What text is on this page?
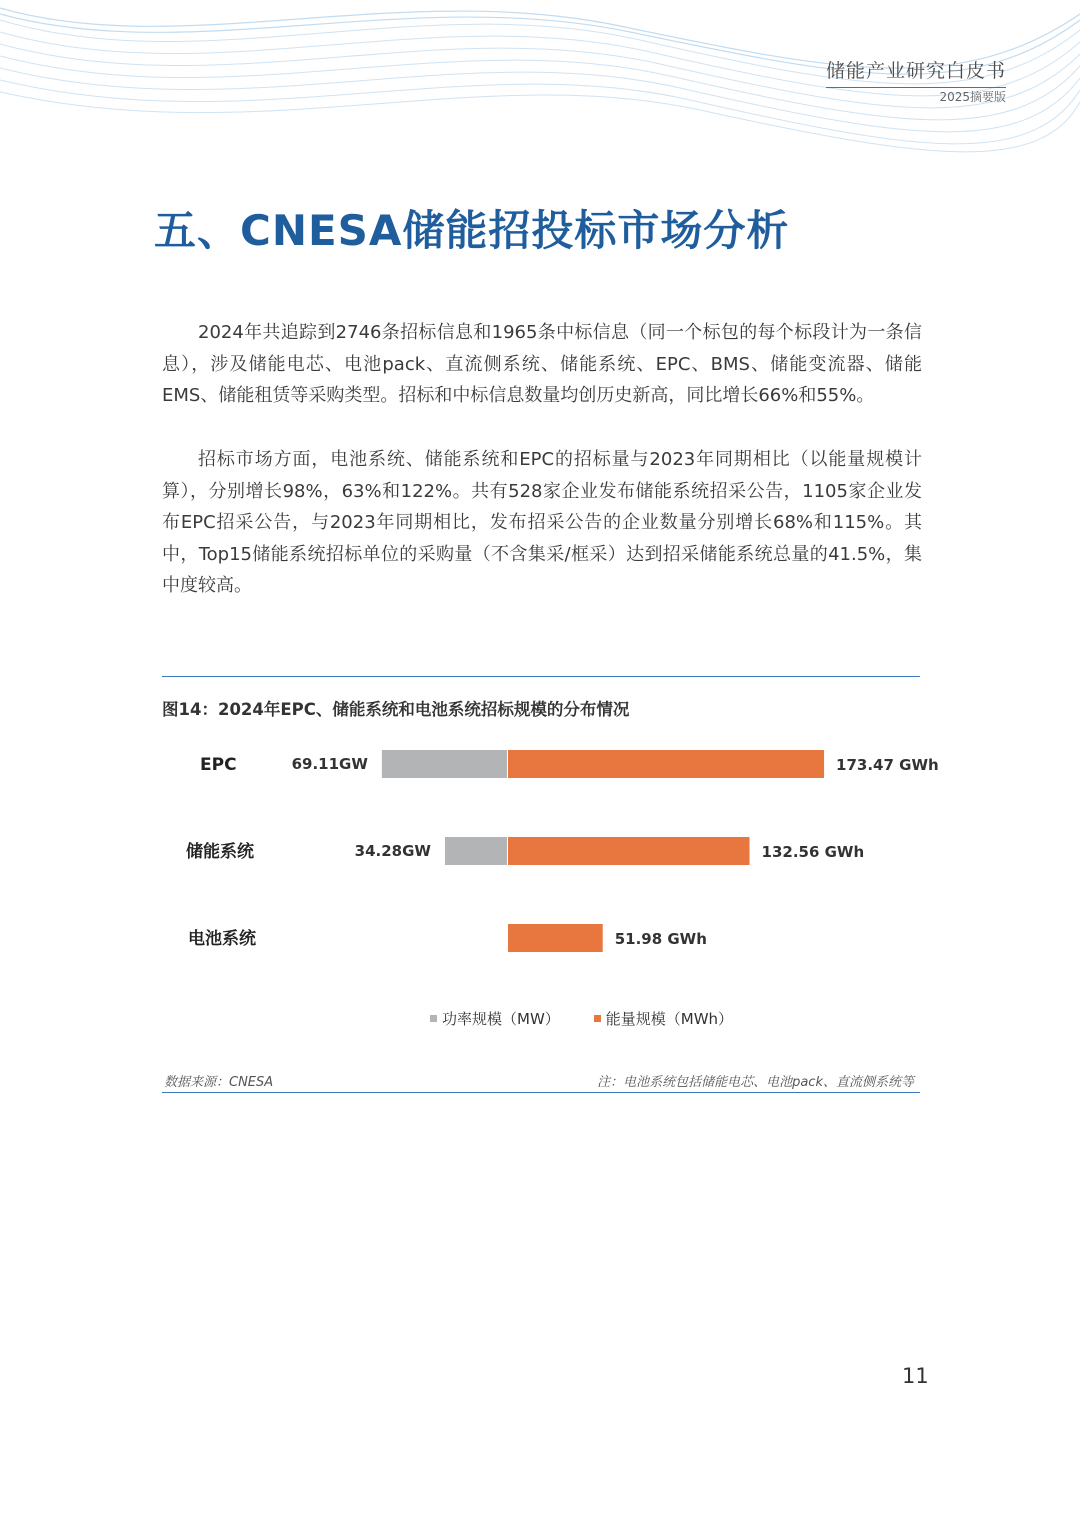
储能产业研究白皮书
2025摘要版
五、CNESA储能招投标市场分析

2024年共追踪到2746条招标信息和1965条中标信息（同一个标包的每个标段计为一条信息），涉及储能电芯、电池pack、直流侧系统、储能系统、EPC、BMS、储能变流器、储能EMS、储能租赁等采购类型。招标和中标信息数量均创历史新高，同比增长66%和55%。

招标市场方面，电池系统、储能系统和EPC的招标量与2023年同期相比（以能量规模计算），分别增长98%，63%和122%。共有528家企业发布储能系统招采公告，1105家企业发布EPC招采公告，与2023年同期相比，发布招采公告的企业数量分别增长68%和115%。其中，Top15储能系统招标单位的采购量（不含集采/框采）达到招采储能系统总量的41.5%，集中度较高。

图14：2024年EPC、储能系统和电池系统招标规模的分布情况
EPC	69.11GW	173.47 GWh
储能系统	34.28GW	132.56 GWh
电池系统	51.98 GWh
功率规模（MW）	能量规模（MWh）
数据来源：CNESA	注：电池系统包括储能电芯、电池pack、直流侧系统等
11
